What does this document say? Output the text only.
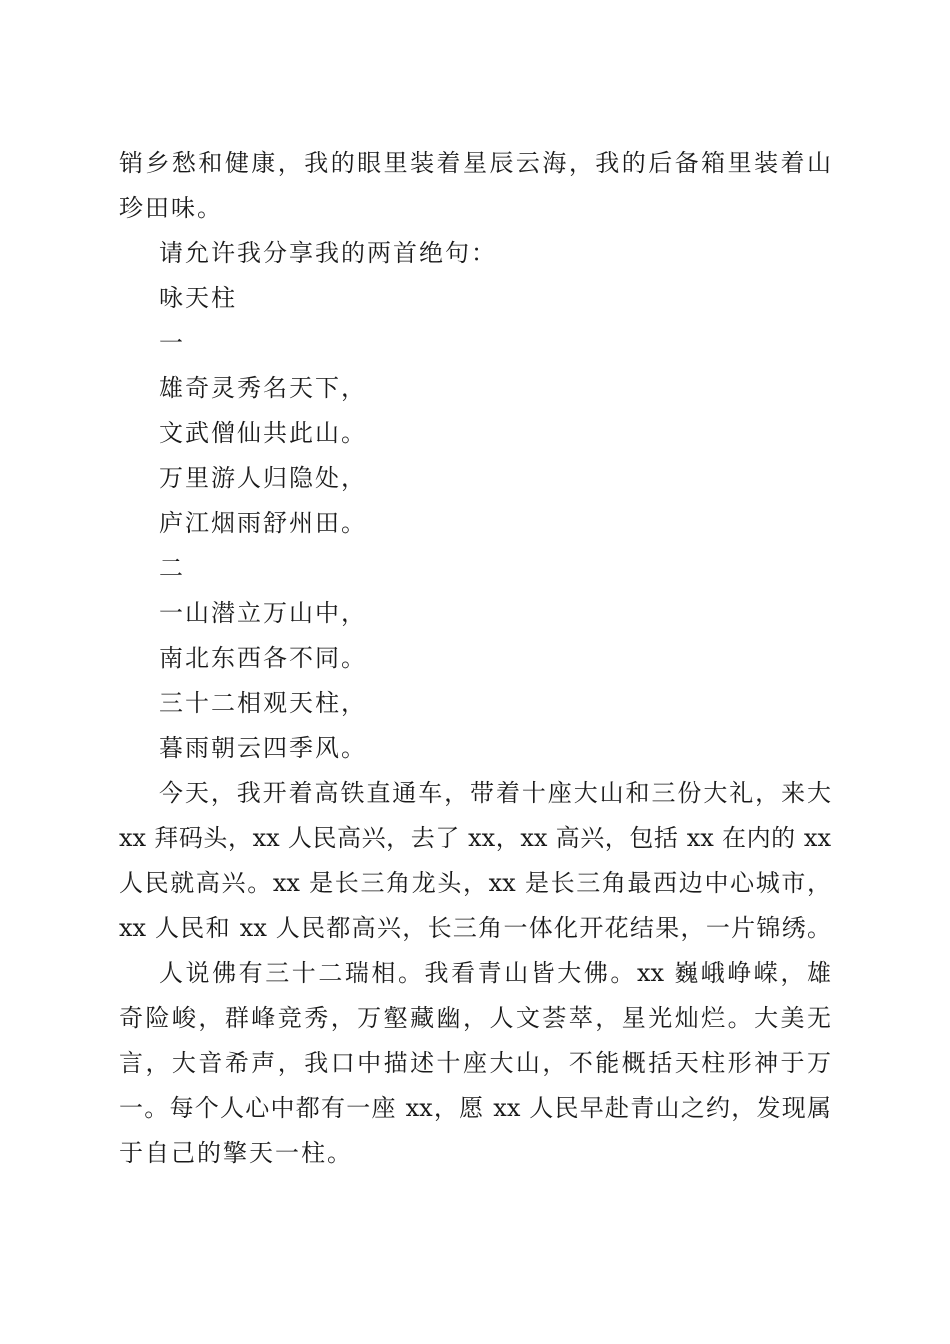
销乡愁和健康，我的眼里装着星辰云海，我的后备箱里装着山
珍田味。
请允许我分享我的两首绝句：
咏天柱
一
雄奇灵秀名天下，
文武僧仙共此山。
万里游人归隐处，
庐江烟雨舒州田。
二
一山潜立万山中，
南北东西各不同。
三十二相观天柱，
暮雨朝云四季风。
今天，我开着高铁直通车，带着十座大山和三份大礼，来大
xx 拜码头，xx 人民高兴，去了 xx，xx 高兴，包括 xx 在内的 xx
人民就高兴。xx 是长三角龙头，xx 是长三角最西边中心城市，
xx 人民和 xx 人民都高兴，长三角一体化开花结果，一片锦绣。
人说佛有三十二瑞相。我看青山皆大佛。xx 巍峨峥嵘，雄
奇险峻，群峰竞秀，万壑藏幽，人文荟萃，星光灿烂。大美无
言，大音希声，我口中描述十座大山，不能概括天柱形神于万
一。每个人心中都有一座 xx，愿 xx 人民早赴青山之约，发现属
于自己的擎天一柱。
